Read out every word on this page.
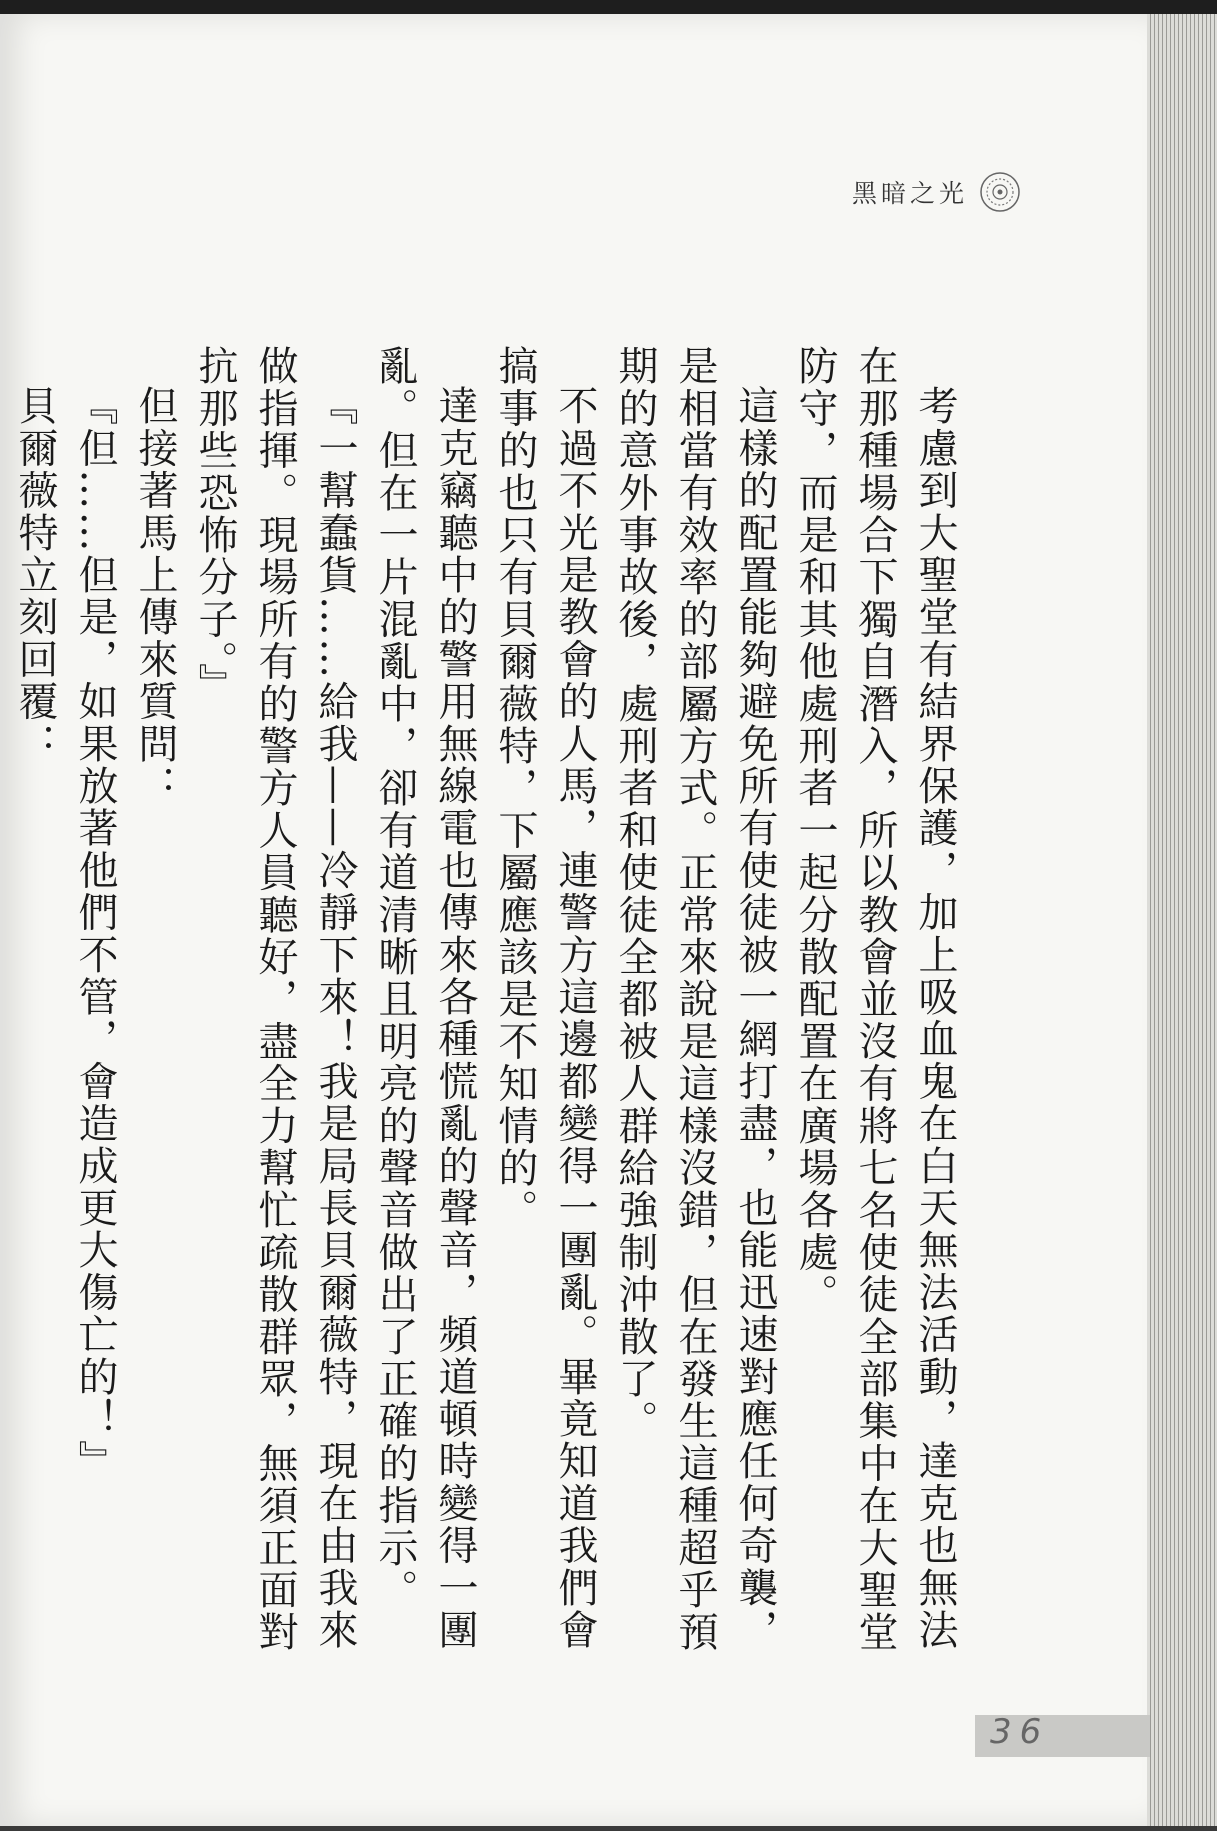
黑暗之光

考慮到大聖堂有結界保護，加上吸血鬼在白天無法活動，達克也無法在那種場合下獨自潛入，所以教會並沒有將七名使徒全部集中在大聖堂防守，而是和其他處刑者一起分散配置在廣場各處。

這樣的配置能夠避免所有使徒被一網打盡，也能迅速對應任何奇襲，是相當有效率的部屬方式。正常來說是這樣沒錯，但在發生這種超乎預期的意外事故後，處刑者和使徒全都被人群給強制沖散了。

不過不光是教會的人馬，連警方這邊都變得一團亂。畢竟知道我們會搞事的也只有貝爾薇特，下屬應該是不知情的。

達克竊聽中的警用無線電也傳來各種慌亂的聲音，頻道頓時變得一團亂。但在一片混亂中，卻有道清晰且明亮的聲音做出了正確的指示。

『一幫蠢貨……給我——冷靜下來！我是局長貝爾薇特，現在由我來做指揮。現場所有的警方人員聽好，盡全力幫忙疏散群眾，無須正面對抗那些恐怖分子。』

但接著馬上傳來質問：

『但……但是，如果放著他們不管，會造成更大傷亡的！』

貝爾薇特立刻回覆：

36
